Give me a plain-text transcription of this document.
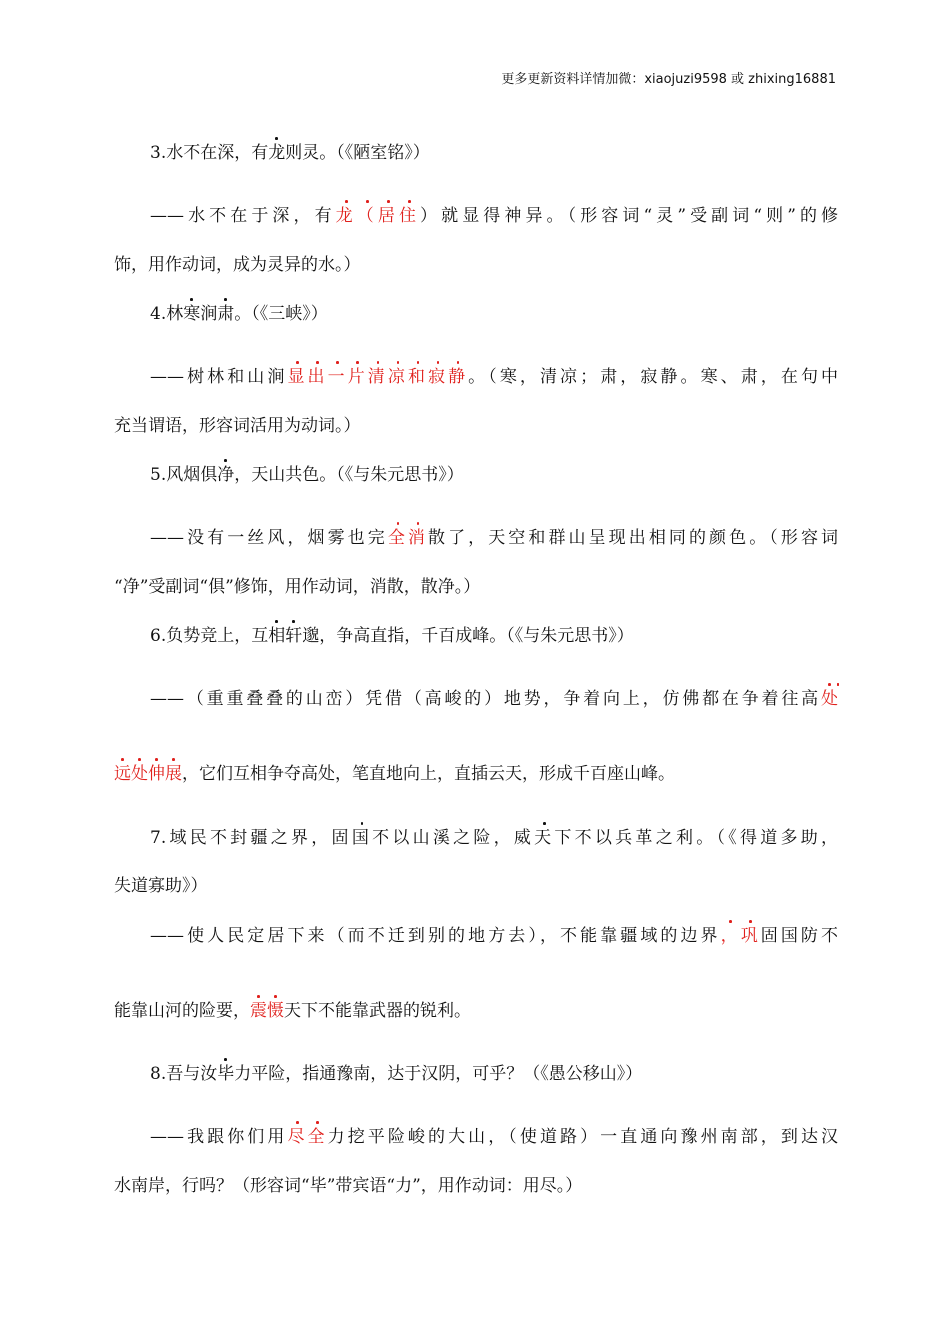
更多更新资料详情加微：xiaojuzi9598 或 zhixing16881
3.水不在深，有龙则灵。（《陋室铭》）
——水不在于深，有龙（居住）就显得神异。（形容词“灵”受副词“则”的修
饰，用作动词，成为灵异的水。）
4.林寒涧肃。（《三峡》）
——树林和山涧显出一片清凉和寂静。（寒，清凉；肃，寂静。寒、肃，在句中
充当谓语，形容词活用为动词。）
5.风烟俱净，天山共色。（《与朱元思书》）
——没有一丝风，烟雾也完全消散了，天空和群山呈现出相同的颜色。（形容词
“净”受副词“俱”修饰，用作动词，消散，散净。）
6.负势竞上，互相轩邈，争高直指，千百成峰。（《与朱元思书》）
——（重重叠叠的山峦）凭借（高峻的）地势，争着向上，仿佛都在争着往高处
远处伸展，它们互相争夺高处，笔直地向上，直插云天，形成千百座山峰。
7.域民不封疆之界，固国不以山溪之险，威天下不以兵革之利。（《得道多助，
失道寡助》）
——使人民定居下来（而不迁到别的地方去），不能靠疆域的边界，巩固国防不
能靠山河的险要，震慑天下不能靠武器的锐利。
8.吾与汝毕力平险，指通豫南，达于汉阴，可乎？（《愚公移山》）
——我跟你们用尽全力挖平险峻的大山，（使道路）一直通向豫州南部，到达汉
水南岸，行吗？（形容词“毕”带宾语“力”，用作动词：用尽。）
